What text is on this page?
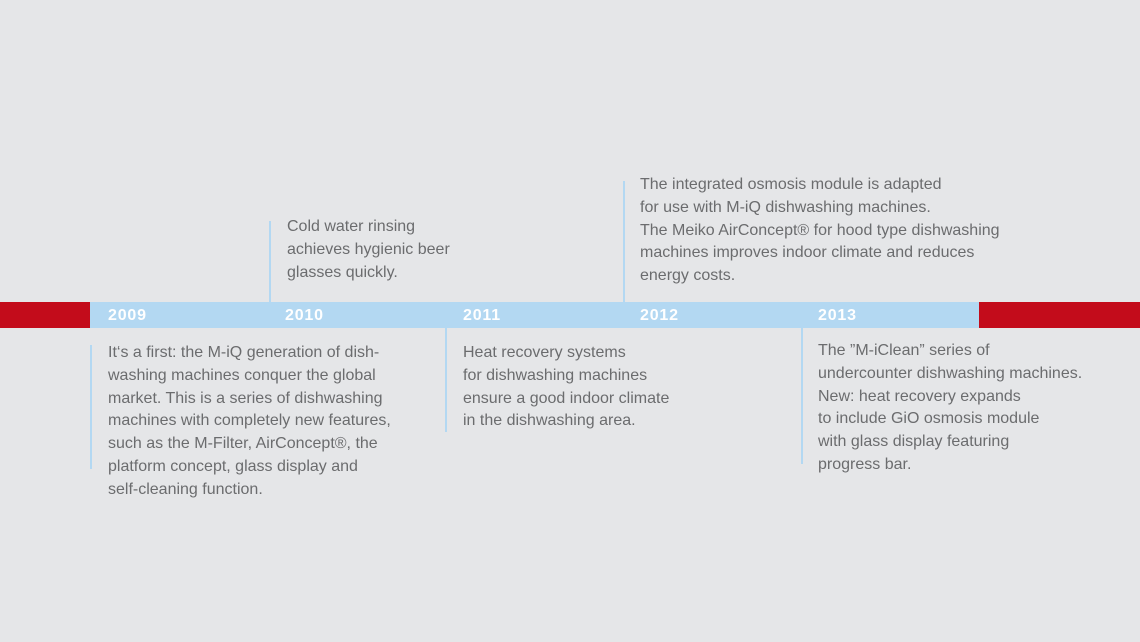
2009	2010	2011	2012	2013
It‘s a first: the M-iQ generation of dish-
washing machines conquer the global
market. This is a series of dishwashing
machines with completely new features,
such as the M-Filter, AirConcept®, the
platform concept, glass display and
self-cleaning function.
Cold water rinsing
achieves hygienic beer
glasses quickly.
Heat recovery systems
for dishwashing machines
ensure a good indoor climate
in the dishwashing area.
The integrated osmosis module is adapted
for use with M-iQ dishwashing machines.
The Meiko AirConcept® for hood type dishwashing
machines improves indoor climate and reduces
energy costs.
The ”M-iClean” series of
undercounter dishwashing machines.
New: heat recovery expands
to include GiO osmosis module
with glass display featuring
progress bar.
